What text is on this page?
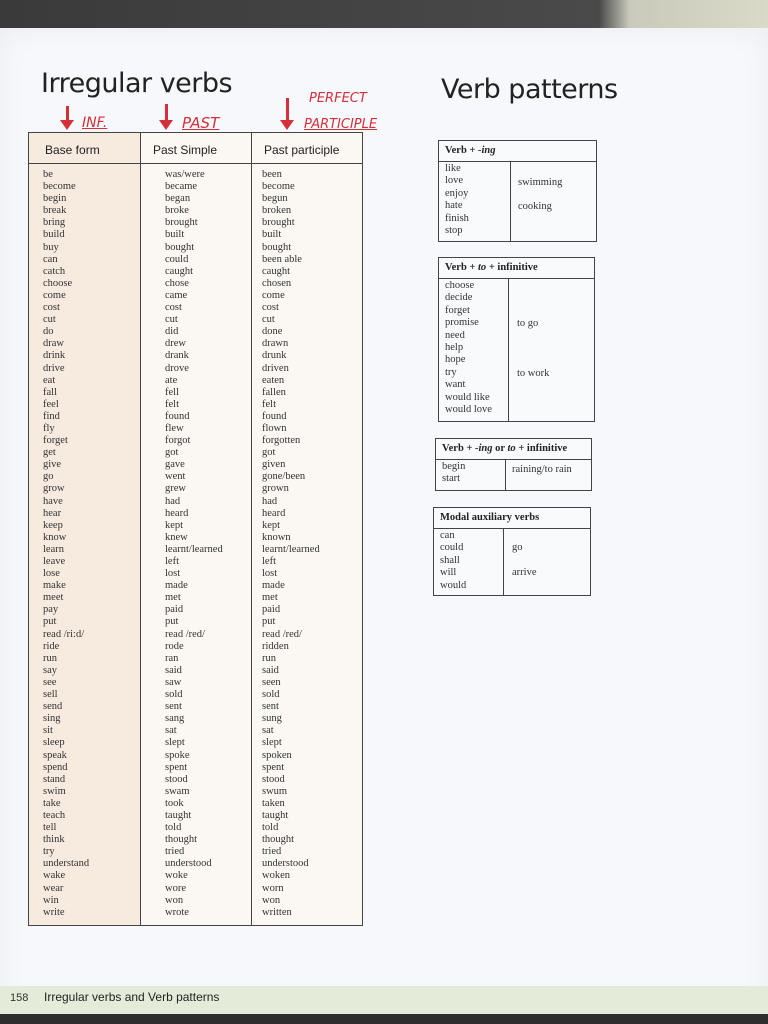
Irregular verbs	Verb patterns
INF.	PAST
PERFECT
PARTICIPLE
Base form
be
become
begin
break
bring
build
buy
can
catch
choose
come
cost
cut
do
draw
drink
drive
eat
fall
feel
find
fly
forget
get
give
go
grow
have
hear
keep
know
learn
leave
lose
make
meet
pay
put
read /ri:d/
ride
run
say
see
sell
send
sing
sit
sleep
speak
spend
stand
swim
take
teach
tell
think
try
understand
wake
wear
win
write
Past Simple
was/were
became
began
broke
brought
built
bought
could
caught
chose
came
cost
cut
did
drew
drank
drove
ate
fell
felt
found
flew
forgot
got
gave
went
grew
had
heard
kept
knew
learnt/learned
left
lost
made
met
paid
put
read /red/
rode
ran
said
saw
sold
sent
sang
sat
slept
spoke
spent
stood
swam
took
taught
told
thought
tried
understood
woke
wore
won
wrote
Past participle
been
become
begun
broken
brought
built
bought
been able
caught
chosen
come
cost
cut
done
drawn
drunk
driven
eaten
fallen
felt
found
flown
forgotten
got
given
gone/been
grown
had
heard
kept
known
learnt/learned
left
lost
made
met
paid
put
read /red/
ridden
run
said
seen
sold
sent
sung
sat
slept
spoken
spent
stood
swum
taken
taught
told
thought
tried
understood
woken
worn
won
written
Verb + -ing
like
love
enjoy
hate
finish
stop
swimming
cooking
Verb + to + infinitive
choose
decide
forget
promise
need
help
hope
try
want
would like
would love
to go
to work
Verb + -ing or to + infinitive
begin
start
raining/to rain
Modal auxiliary verbs
can
could
shall
will
would
go
arrive
158 Irregular verbs and Verb patterns
